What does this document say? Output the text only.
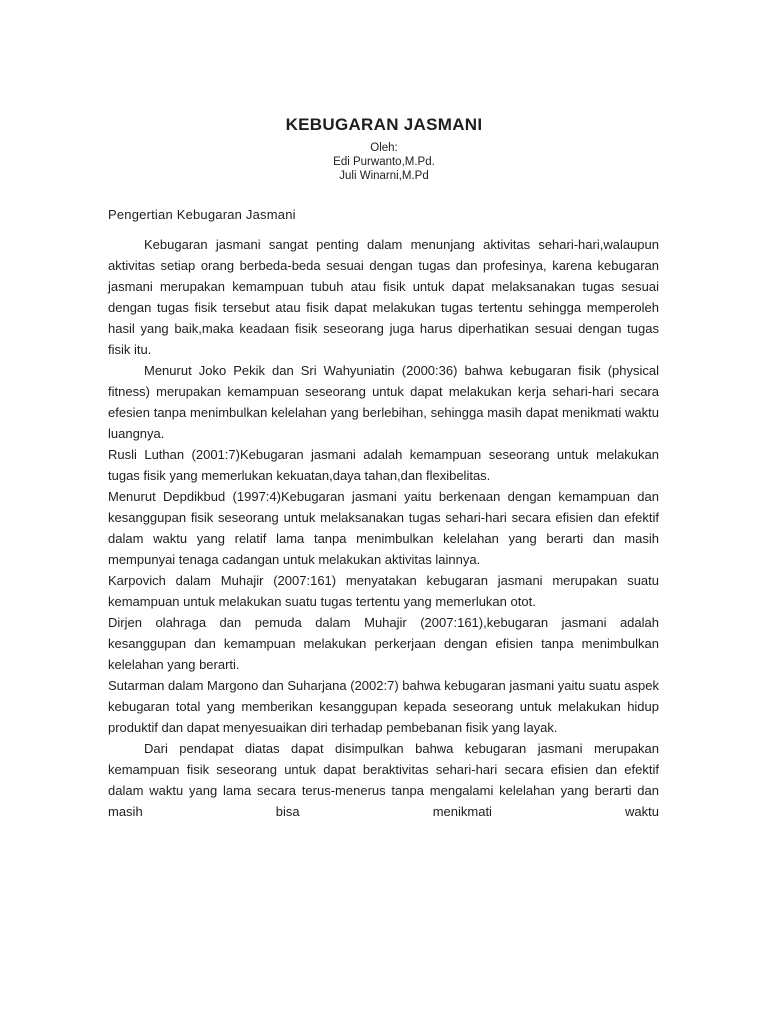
KEBUGARAN JASMANI
Oleh:
Edi Purwanto,M.Pd.
Juli Winarni,M.Pd
Pengertian Kebugaran Jasmani

Kebugaran jasmani sangat penting dalam menunjang aktivitas sehari-hari,walaupun aktivitas setiap orang berbeda-beda sesuai dengan tugas dan profesinya, karena kebugaran jasmani merupakan kemampuan tubuh atau fisik untuk dapat melaksanakan tugas sesuai dengan tugas fisik tersebut atau fisik dapat melakukan tugas tertentu sehingga memperoleh hasil yang baik,maka keadaan fisik seseorang juga harus diperhatikan sesuai dengan tugas fisik itu.

Menurut Joko Pekik dan Sri Wahyuniatin (2000:36) bahwa kebugaran fisik (physical fitness) merupakan kemampuan seseorang untuk dapat melakukan kerja sehari-hari secara efesien tanpa menimbulkan kelelahan yang berlebihan, sehingga masih dapat menikmati waktu luangnya.

Rusli Luthan (2001:7)Kebugaran jasmani adalah kemampuan seseorang untuk melakukan tugas fisik yang memerlukan kekuatan,daya tahan,dan flexibelitas.

Menurut Depdikbud (1997:4)Kebugaran jasmani yaitu berkenaan dengan kemampuan dan kesanggupan fisik seseorang untuk melaksanakan tugas sehari-hari secara efisien dan efektif dalam waktu yang relatif lama tanpa menimbulkan kelelahan yang berarti dan masih mempunyai tenaga cadangan untuk melakukan aktivitas lainnya.

Karpovich dalam Muhajir (2007:161) menyatakan kebugaran jasmani merupakan suatu kemampuan untuk melakukan suatu tugas tertentu yang memerlukan otot.

Dirjen olahraga dan pemuda dalam Muhajir (2007:161),kebugaran jasmani adalah kesanggupan dan kemampuan melakukan perkerjaan dengan efisien tanpa menimbulkan kelelahan yang berarti.

Sutarman dalam Margono dan Suharjana (2002:7) bahwa kebugaran jasmani yaitu suatu aspek kebugaran total yang memberikan kesanggupan kepada seseorang untuk melakukan hidup produktif dan dapat menyesuaikan diri terhadap pembebanan fisik yang layak.

Dari pendapat diatas dapat disimpulkan bahwa kebugaran jasmani merupakan kemampuan fisik seseorang untuk dapat beraktivitas sehari-hari secara efisien dan efektif dalam waktu yang lama secara terus-menerus tanpa mengalami kelelahan yang berarti dan masih bisa menikmati waktu
